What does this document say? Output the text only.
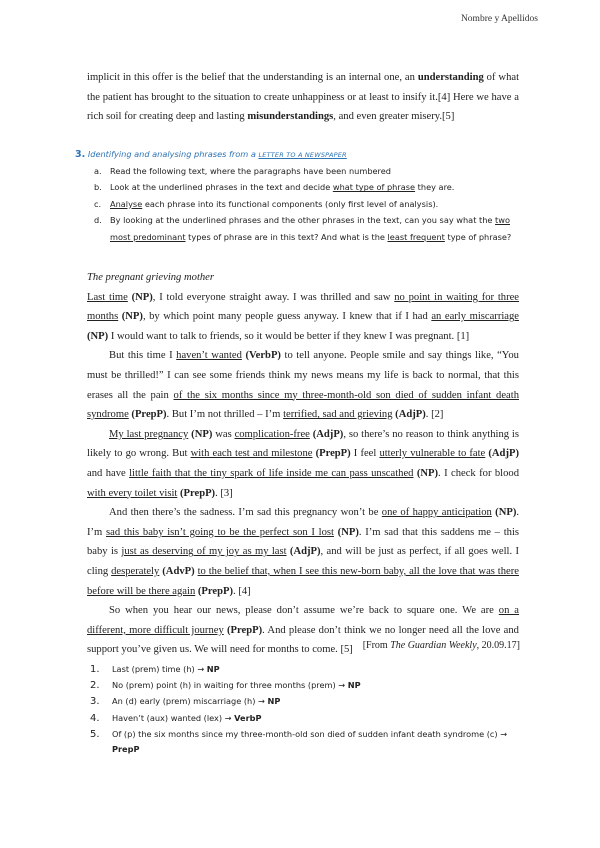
Nombre y Apellidos
implicit in this offer is the belief that the understanding is an internal one, an understanding of what the patient has brought to the situation to create unhappiness or at least to insify it.[4] Here we have a rich soil for creating deep and lasting misunderstandings, and even greater misery.[5]
3. Identifying and analysing phrases from a LETTER TO A NEWSPAPER
a. Read the following text, where the paragraphs have been numbered
b. Look at the underlined phrases in the text and decide what type of phrase they are.
c. Analyse each phrase into its functional components (only first level of analysis).
d. By looking at the underlined phrases and the other phrases in the text, can you say what the two most predominant types of phrase are in this text? And what is the least frequent type of phrase?

The pregnant grieving mother

Last time (NP), I told everyone straight away. I was thrilled and saw no point in waiting for three months (NP), by which point many people guess anyway. I knew that if I had an early miscarriage (NP) I would want to talk to friends, so it would be better if they knew I was pregnant. [1]

But this time I haven’t wanted (VerbP) to tell anyone. People smile and say things like, “You must be thrilled!” I can see some friends think my news means my life is back to normal, that this erases all the pain of the six months since my three-month-old son died of sudden infant death syndrome (PrepP). But I’m not thrilled – I’m terrified, sad and grieving (AdjP). [2]

My last pregnancy (NP) was complication-free (AdjP), so there’s no reason to think anything is likely to go wrong. But with each test and milestone (PrepP) I feel utterly vulnerable to fate (AdjP) and have little faith that the tiny spark of life inside me can pass unscathed (NP). I check for blood with every toilet visit (PrepP). [3]

And then there’s the sadness. I’m sad this pregnancy won’t be one of happy anticipation (NP). I’m sad this baby isn’t going to be the perfect son I lost (NP). I’m sad that this saddens me – this baby is just as deserving of my joy as my last (AdjP), and will be just as perfect, if all goes well. I cling desperately (AdvP) to the belief that, when I see this new-born baby, all the love that was there before will be there again (PrepP). [4]

So when you hear our news, please don’t assume we’re back to square one. We are on a different, more difficult journey (PrepP). And please don’t think we no longer need all the love and support you’ve given us. We will need for months to come. [5] [From The Guardian Weekly, 20.09.17]
1. Last (prem) time (h) → NP
2. No (prem) point (h) in waiting for three months (prem) → NP
3. An (d) early (prem) miscarriage (h) → NP
4. Haven’t (aux) wanted (lex) → VerbP
5. Of (p) the six months since my three-month-old son died of sudden infant death syndrome (c) → PrepP
